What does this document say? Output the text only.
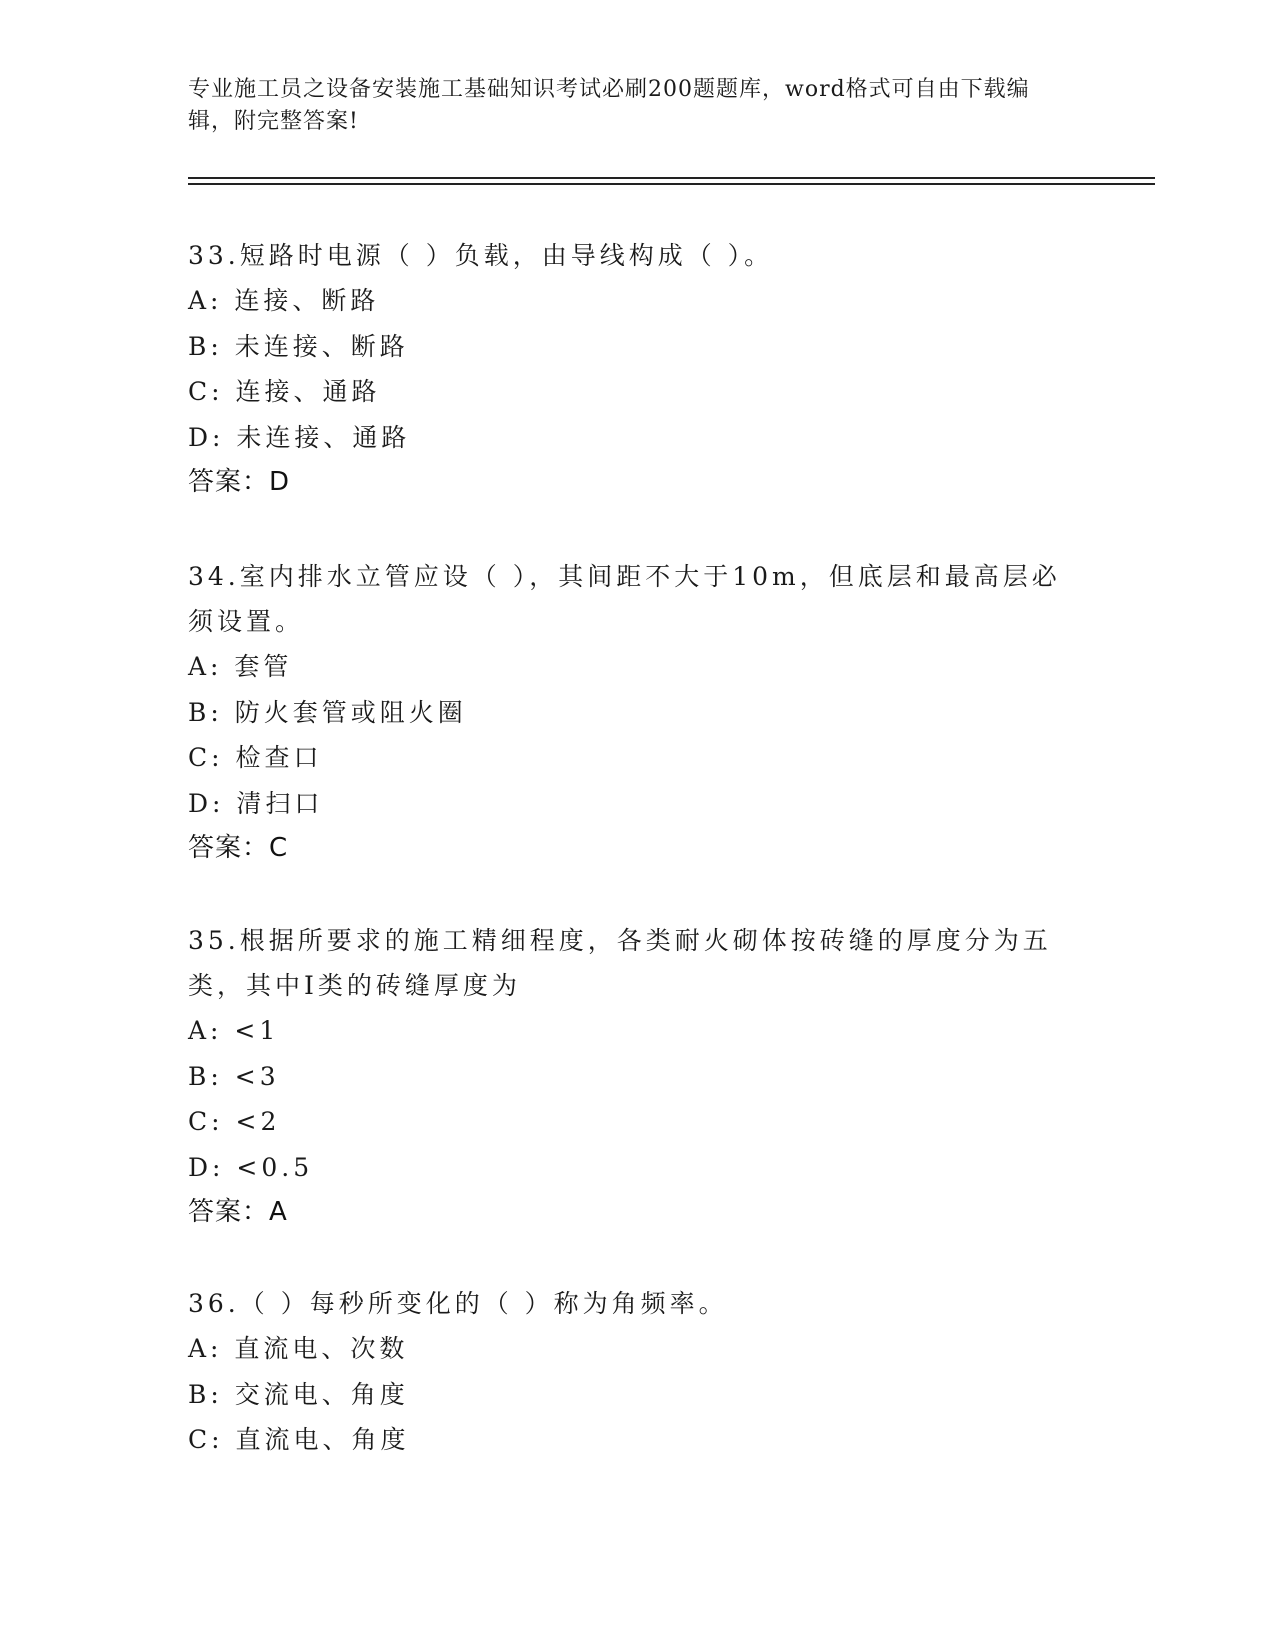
专业施工员之设备安装施工基础知识考试必刷200题题库，word格式可自由下载编辑，附完整答案!

33.短路时电源（ ）负载，由导线构成（ ）。

A: 连接、断路

B: 未连接、断路

C: 连接、通路

D: 未连接、通路

答案：D

34.室内排水立管应设（ ），其间距不大于10m，但底层和最高层必须设置。

A: 套管

B: 防火套管或阻火圈

C: 检查口

D: 清扫口

答案：C

35.根据所要求的施工精细程度，各类耐火砌体按砖缝的厚度分为五类，其中I类的砖缝厚度为

A: <1

B: <3

C: <2

D: <0.5

答案：A

36.（ ）每秒所变化的（ ）称为角频率。

A: 直流电、次数

B: 交流电、角度

C: 直流电、角度
